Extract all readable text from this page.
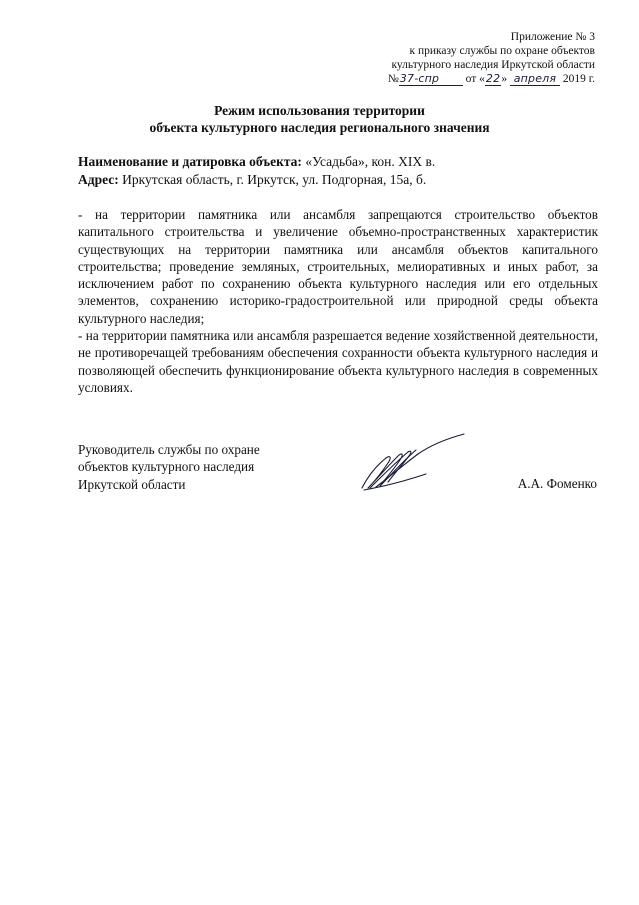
Приложение № 3
к приказу службы по охране объектов
культурного наследия Иркутской области
№37-спр от «22» апреля 2019 г.
Режим использования территории
объекта культурного наследия регионального значения
Наименование и датировка объекта: «Усадьба», кон. XIX в.
Адрес: Иркутская область, г. Иркутск, ул. Подгорная, 15а, б.

- на территории памятника или ансамбля запрещаются строительство объектов капитального строительства и увеличение объемно-пространственных характеристик существующих на территории памятника или ансамбля объектов капитального строительства; проведение земляных, строительных, мелиоративных и иных работ, за исключением работ по сохранению объекта культурного наследия или его отдельных элементов, сохранению историко-градостроительной или природной среды объекта культурного наследия;

- на территории памятника или ансамбля разрешается ведение хозяйственной деятельности, не противоречащей требованиям обеспечения сохранности объекта культурного наследия и позволяющей обеспечить функционирование объекта культурного наследия в современных условиях.

Руководитель службы по охране
объектов культурного наследия
Иркутской области	А.А. Фоменко
